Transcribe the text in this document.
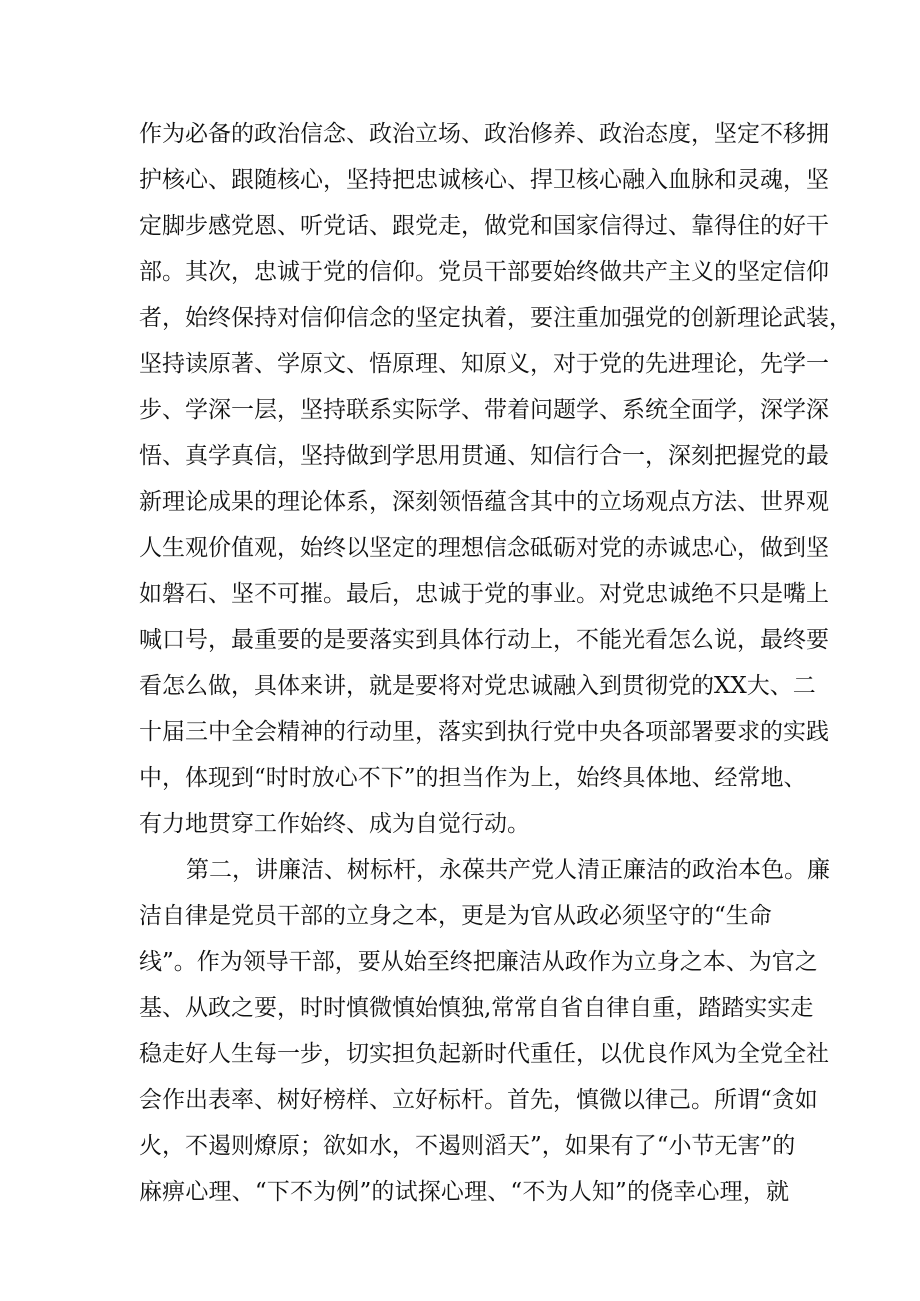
作为必备的政治信念、政治立场、政治修养、政治态度，坚定不移拥
护核心、跟随核心，坚持把忠诚核心、捍卫核心融入血脉和灵魂，坚
定脚步感党恩、听党话、跟党走，做党和国家信得过、靠得住的好干
部。其次，忠诚于党的信仰。党员干部要始终做共产主义的坚定信仰
者，始终保持对信仰信念的坚定执着，要注重加强党的创新理论武装，
坚持读原著、学原文、悟原理、知原义，对于党的先进理论，先学一
步、学深一层，坚持联系实际学、带着问题学、系统全面学，深学深
悟、真学真信，坚持做到学思用贯通、知信行合一，深刻把握党的最
新理论成果的理论体系，深刻领悟蕴含其中的立场观点方法、世界观
人生观价值观，始终以坚定的理想信念砥砺对党的赤诚忠心，做到坚
如磐石、坚不可摧。最后，忠诚于党的事业。对党忠诚绝不只是嘴上
喊口号，最重要的是要落实到具体行动上，不能光看怎么说，最终要
看怎么做，具体来讲，就是要将对党忠诚融入到贯彻党的XX大、二
十届三中全会精神的行动里，落实到执行党中央各项部署要求的实践
中，体现到“时时放心不下”的担当作为上，始终具体地、经常地、
有力地贯穿工作始终、成为自觉行动。
第二，讲廉洁、树标杆，永葆共产党人清正廉洁的政治本色。廉
洁自律是党员干部的立身之本，更是为官从政必须坚守的“生命
线”。作为领导干部，要从始至终把廉洁从政作为立身之本、为官之
基、从政之要，时时慎微慎始慎独,常常自省自律自重，踏踏实实走
稳走好人生每一步，切实担负起新时代重任，以优良作风为全党全社
会作出表率、树好榜样、立好标杆。首先，慎微以律己。所谓“贪如
火，不遏则燎原；欲如水，不遏则滔天”，如果有了“小节无害”的
麻痹心理、“下不为例”的试探心理、“不为人知”的侥幸心理，就
